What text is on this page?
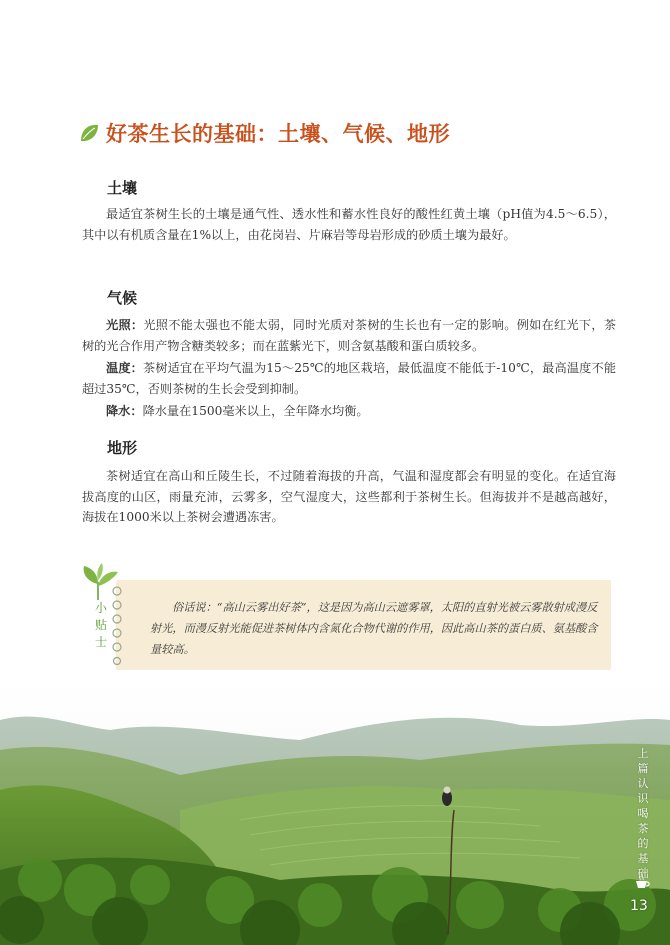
好茶生长的基础：土壤、气候、地形
土壤
最适宜茶树生长的土壤是通气性、透水性和蓄水性良好的酸性红黄土壤（pH值为4.5～6.5），其中以有机质含量在1%以上，由花岗岩、片麻岩等母岩形成的砂质土壤为最好。
气候
光照：光照不能太强也不能太弱，同时光质对茶树的生长也有一定的影响。例如在红光下，茶树的光合作用产物含糖类较多；而在蓝紫光下，则含氨基酸和蛋白质较多。
温度：茶树适宜在平均气温为15～25℃的地区栽培，最低温度不能低于-10℃，最高温度不能超过35℃，否则茶树的生长会受到抑制。
降水：降水量在1500毫米以上，全年降水均衡。
地形
茶树适宜在高山和丘陵生长，不过随着海拔的升高，气温和湿度都会有明显的变化。在适宜海拔高度的山区，雨量充沛，云雾多，空气湿度大，这些都利于茶树生长。但海拔并不是越高越好，海拔在1000米以上茶树会遭遇冻害。
小
贴
士
俗话说：“高山云雾出好茶”，这是因为高山云遮雾罩，太阳的直射光被云雾散射成漫反射光，而漫反射光能促进茶树体内含氮化合物代谢的作用，因此高山茶的蛋白质、氨基酸含量较高。
上篇 认识喝茶的基础
13
